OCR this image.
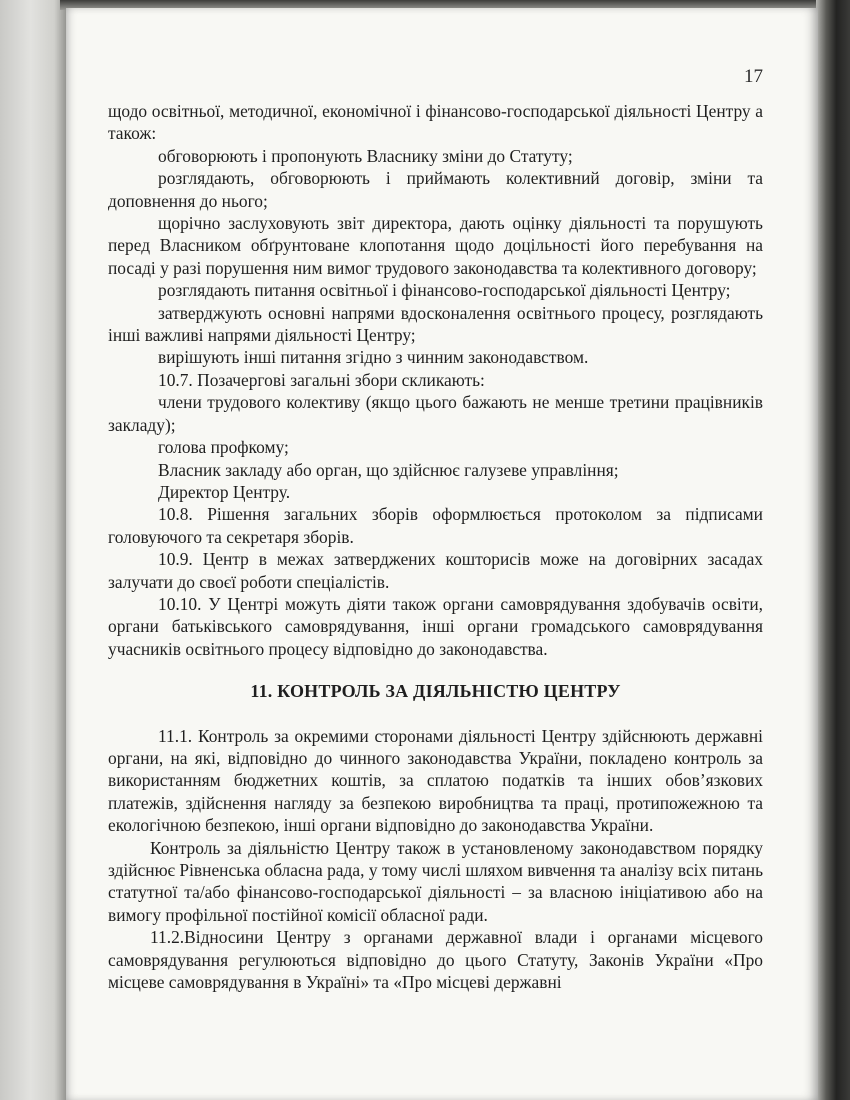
17

щодо освітньої, методичної, економічної і фінансово-господарської діяльності Центру а також:

обговорюють і пропонують Власнику зміни до Статуту;

розглядають, обговорюють і приймають колективний договір, зміни та доповнення до нього;

щорічно заслуховують звіт директора, дають оцінку діяльності та порушують перед Власником обґрунтоване клопотання щодо доцільності його перебування на посаді у разі порушення ним вимог трудового законодавства та колективного договору;

розглядають питання освітньої і фінансово-господарської діяльності Центру;

затверджують основні напрями вдосконалення освітнього процесу, розглядають інші важливі напрями діяльності Центру;

вирішують інші питання згідно з чинним законодавством.

10.7. Позачергові загальні збори скликають:

члени трудового колективу (якщо цього бажають не менше третини працівників закладу);

голова профкому;

Власник закладу або орган, що здійснює галузеве управління;

Директор Центру.

10.8. Рішення загальних зборів оформлюється протоколом за підписами головуючого та секретаря зборів.

10.9. Центр в межах затверджених кошторисів може на договірних засадах залучати до своєї роботи спеціалістів.

10.10. У Центрі можуть діяти також органи самоврядування здобувачів освіти, органи батьківського самоврядування, інші органи громадського самоврядування учасників освітнього процесу відповідно до законодавства.

11. КОНТРОЛЬ ЗА ДІЯЛЬНІСТЮ ЦЕНТРУ

11.1. Контроль за окремими сторонами діяльності Центру здійснюють державні органи, на які, відповідно до чинного законодавства України, покладено контроль за використанням бюджетних коштів, за сплатою податків та інших обов’язкових платежів, здійснення нагляду за безпекою виробництва та праці, протипожежною та екологічною безпекою, інші органи відповідно до законодавства України.

Контроль за діяльністю Центру також в установленому законодавством порядку здійснює Рівненська обласна рада, у тому числі шляхом вивчення та аналізу всіх питань статутної та/або фінансово-господарської діяльності – за власною ініціативою або на вимогу профільної постійної комісії обласної ради.

11.2.Відносини Центру з органами державної влади і органами місцевого самоврядування регулюються відповідно до цього Статуту, Законів України «Про місцеве самоврядування в Україні» та «Про місцеві державні
